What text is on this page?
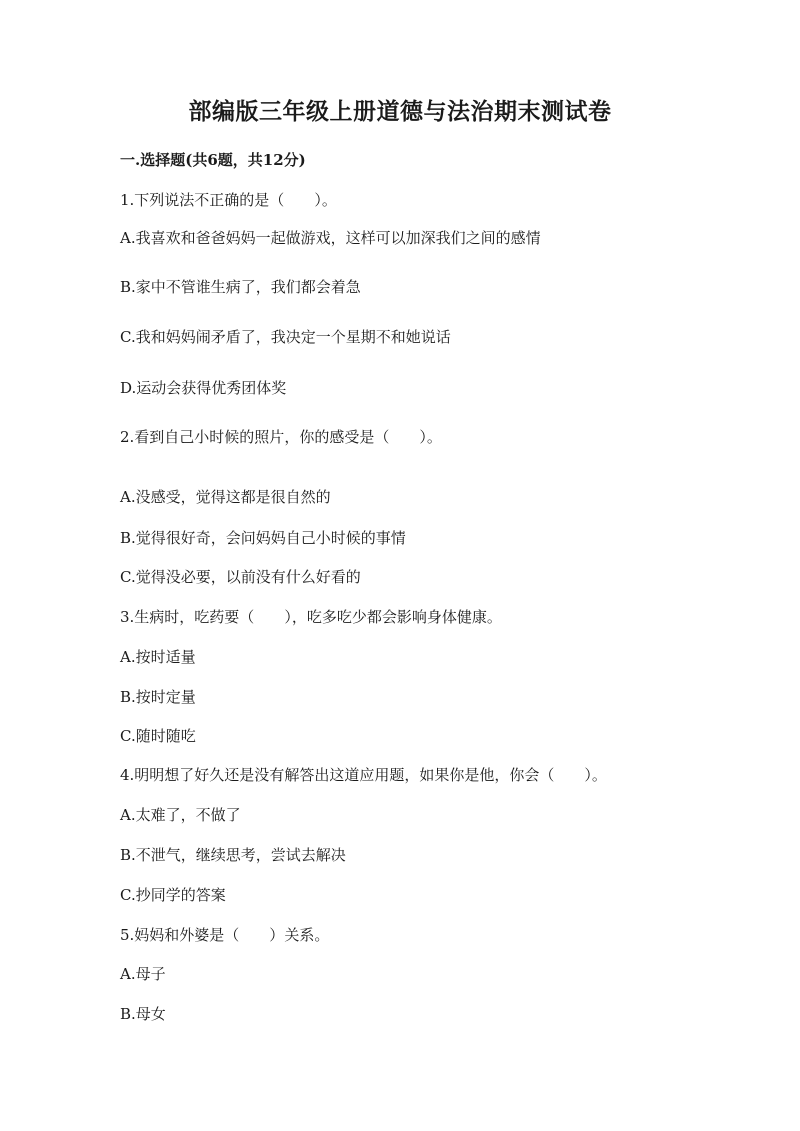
部编版三年级上册道德与法治期末测试卷
一.选择题(共6题，共12分)
1.下列说法不正确的是（　　）。
A.我喜欢和爸爸妈妈一起做游戏，这样可以加深我们之间的感情
B.家中不管谁生病了，我们都会着急
C.我和妈妈闹矛盾了，我决定一个星期不和她说话
D.运动会获得优秀团体奖
2.看到自己小时候的照片，你的感受是（　　）。
A.没感受，觉得这都是很自然的
B.觉得很好奇，会问妈妈自己小时候的事情
C.觉得没必要，以前没有什么好看的
3.生病时，吃药要（　　），吃多吃少都会影响身体健康。
A.按时适量
B.按时定量
C.随时随吃
4.明明想了好久还是没有解答出这道应用题，如果你是他，你会（　　）。
A.太难了，不做了
B.不泄气，继续思考，尝试去解决
C.抄同学的答案
5.妈妈和外婆是（　　）关系。
A.母子
B.母女
